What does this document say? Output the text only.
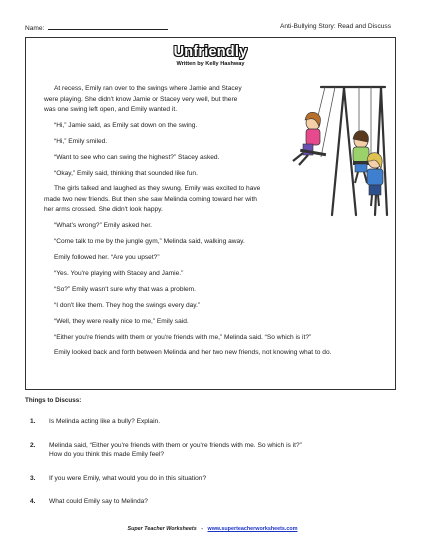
Name:	Anti-Bullying Story: Read and Discuss
Unfriendly
Written by Kelly Hashway

At recess, Emily ran over to the swings where Jamie and Stacey were playing. She didn't know Jamie or Stacey very well, but there was one swing left open, and Emily wanted it.

“Hi,” Jamie said, as Emily sat down on the swing.

“Hi,” Emily smiled.

“Want to see who can swing the highest?” Stacey asked.

“Okay,” Emily said, thinking that sounded like fun.

The girls talked and laughed as they swung. Emily was excited to have made two new friends. But then she saw Melinda coming toward her with her arms crossed. She didn't look happy.

“What's wrong?” Emily asked her.

“Come talk to me by the jungle gym,” Melinda said, walking away.

Emily followed her. “Are you upset?”

“Yes. You're playing with Stacey and Jamie.”

“So?” Emily wasn't sure why that was a problem.

“I don't like them. They hog the swings every day.”

“Well, they were really nice to me,” Emily said.

“Either you're friends with them or you're friends with me,” Melinda said. “So which is it?”

Emily looked back and forth between Melinda and her two new friends, not knowing what to do.

Things to Discuss:
1. Is Melinda acting like a bully? Explain.
2. Melinda said, “Either you're friends with them or you're friends with me. So which is it?”
How do you think this made Emily feel?
3. If you were Emily, what would you do in this situation?
4. What could Emily say to Melinda?
Super Teacher Worksheets - www.superteacherworksheets.com
